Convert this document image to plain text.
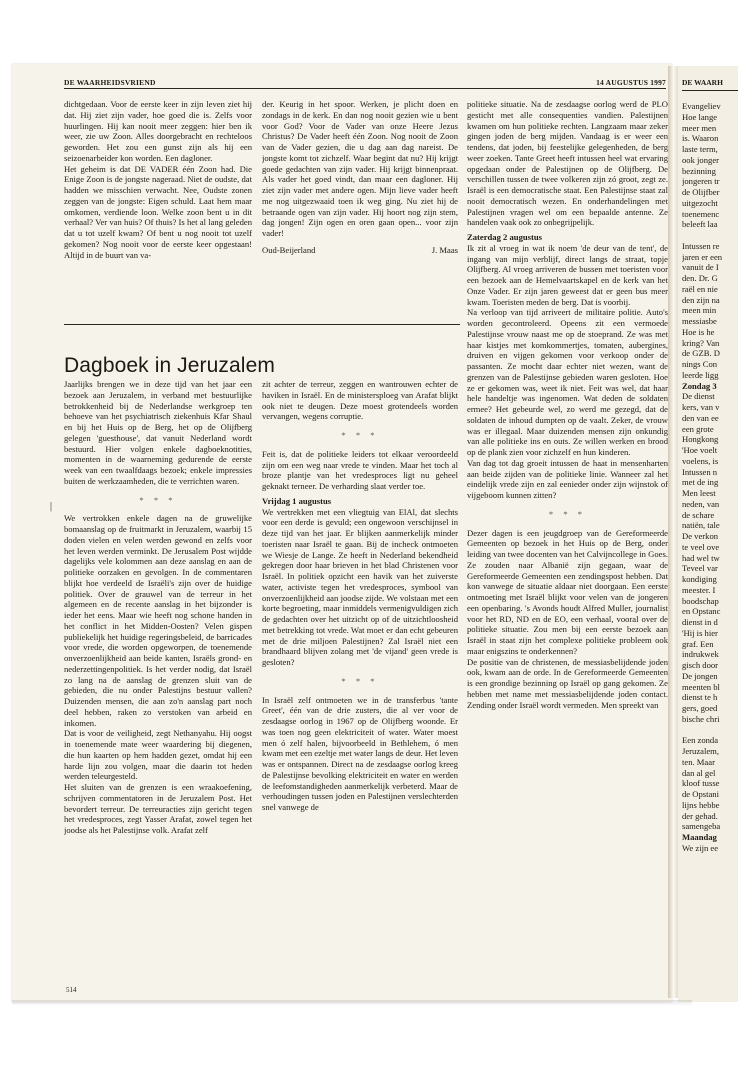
DE WAARHEIDSVRIEND	14 AUGUSTUS 1997

dichtgedaan. Voor de eerste keer in zijn leven ziet hij dat. Hij ziet zijn vader, hoe goed die is. Zelfs voor huurlingen. Hij kan nooit meer zeggen: hier ben ik weer, zie uw Zoon. Alles doorgebracht en rechteloos geworden. Het zou een gunst zijn als hij een seizoenarbeider kon worden. Een dagloner.

Het geheim is dat DE VADER één Zoon had. Die Enige Zoon is de jongste nageraad. Niet de oudste, dat hadden we misschien verwacht. Nee, Oudste zonen zeggen van de jongste: Eigen schuld. Laat hem maar omkomen, verdiende loon. Welke zoon bent u in dit verhaal? Ver van huis? Of thuis? Is het al lang geleden dat u tot uzelf kwam? Of bent u nog nooit tot uzelf gekomen? Nog nooit voor de eerste keer opgestaan! Altijd in de buurt van va-

der. Keurig in het spoor. Werken, je plicht doen en zondags in de kerk. En dan nog nooit gezien wie u bent voor God? Voor de Vader van onze Heere Jezus Christus? De Vader heeft één Zoon. Nog nooit de Zoon van de Vader gezien, die u dag aan dag nareist. De jongste komt tot zichzelf. Waar begint dat nu? Hij krijgt goede gedachten van zijn vader. Hij krijgt binnenpraat. Als vader het goed vindt, dan maar een dagloner. Hij ziet zijn vader met andere ogen. Mijn lieve vader heeft me nog uitgezwaaid toen ik weg ging. Nu ziet hij de betraande ogen van zijn vader. Hij hoort nog zijn stem, dag jongen! Zijn ogen en oren gaan open... voor zijn vader!

Oud-Beijerland	J. Maas
Dagboek in Jeruzalem

Jaarlijks brengen we in deze tijd van het jaar een bezoek aan Jeruzalem, in verband met bestuurlijke betrokkenheid bij de Nederlandse werkgroep ten behoeve van het psychiatrisch ziekenhuis Kfar Shaul en bij het Huis op de Berg, het op de Olijfberg gelegen 'guesthouse', dat vanuit Nederland wordt bestuurd. Hier volgen enkele dagboeknotities, momenten in de waarneming gedurende de eerste week van een twaalfdaags bezoek; enkele impressies buiten de werkzaamheden, die te verrichten waren.

* * *

We vertrokken enkele dagen na de gruwelijke bomaanslag op de fruitmarkt in Jeruzalem, waarbij 15 doden vielen en velen werden gewond en zelfs voor het leven werden verminkt. De Jerusalem Post wijdde dagelijks vele kolommen aan deze aanslag en aan de politieke oorzaken en gevolgen. In de commentaren blijkt hoe verdeeld de Israëli's zijn over de huidige politiek. Over de grauwel van de terreur in het algemeen en de recente aanslag in het bijzonder is ieder het eens. Maar wie heeft nog schone handen in het conflict in het Midden-Oosten? Velen gispen publiekelijk het huidige regeringsbeleid, de barricades voor vrede, die worden opgeworpen, de toenemende onverzoenlijkheid aan beide kanten, Israëls grond- en nederzettingenpolitiek. Is het verder nodig, dat Israël zo lang na de aanslag de grenzen sluit van de gebieden, die nu onder Palestijns bestuur vallen? Duizenden mensen, die aan zo'n aanslag part noch deel hebben, raken zo verstoken van arbeid en inkomen.

Dat is voor de veiligheid, zegt Nethanyahu. Hij oogst in toenemende mate weer waardering bij diegenen, die hun kaarten op hem hadden gezet, omdat hij een harde lijn zou volgen, maar die daarin tot heden werden teleurgesteld.

Het sluiten van de grenzen is een wraakoefening, schrijven commentatoren in de Jeruzalem Post. Het bevordert terreur. De terreuracties zijn gericht tegen het vredesproces, zegt Yasser Arafat, zowel tegen het joodse als het Palestijnse volk. Arafat zelf

zit achter de terreur, zeggen en wantrouwen echter de haviken in Israël. En de ministersploeg van Arafat blijkt ook niet te deugen. Deze moest grotendeels worden vervangen, wegens corruptie.

* * *

Feit is, dat de politieke leiders tot elkaar veroordeeld zijn om een weg naar vrede te vinden. Maar het toch al broze plantje van het vredesproces ligt nu geheel geknakt terneer. De verharding slaat verder toe.

Vrijdag 1 augustus

We vertrekken met een vliegtuig van ElAl, dat slechts voor een derde is gevuld; een ongewoon verschijnsel in deze tijd van het jaar. Er blijken aanmerkelijk minder toeristen naar Israël te gaan. Bij de incheck ontmoeten we Wiesje de Lange. Ze heeft in Nederland bekendheid gekregen door haar brieven in het blad Christenen voor Israël. In politiek opzicht een havik van het zuiverste water, activiste tegen het vredesproces, symbool van onverzoenlijkheid aan joodse zijde. We volstaan met een korte begroeting, maar inmiddels vermenigvuldigen zich de gedachten over het uitzicht op of de uitzichtloosheid met betrekking tot vrede. Wat moet er dan echt gebeuren met de drie miljoen Palestijnen? Zal Israël niet een brandhaard blijven zolang met 'de vijand' geen vrede is gesloten?

* * *

In Israël zelf ontmoeten we in de transferbus 'tante Greet', één van de drie zusters, die al ver voor de zesdaagse oorlog in 1967 op de Olijfberg woonde. Er was toen nog geen elektriciteit of water. Water moest men ó zelf halen, bijvoorbeeld in Bethlehem, ó men kwam met een ezeltje met water langs de deur. Het leven was er ontspannen. Direct na de zesdaagse oorlog kreeg de Palestijnse bevolking elektriciteit en water en werden de leefomstandigheden aanmerkelijk verbeterd. Maar de verhoudingen tussen joden en Palestijnen verslechterden snel vanwege de

politieke situatie. Na de zesdaagse oorlog werd de PLO gesticht met alle consequenties vandien. Palestijnen kwamen om hun politieke rechten. Langzaam maar zeker gingen joden de berg mijden. Vandaag is er weer een tendens, dat joden, bij feestelijke gelegenheden, de berg weer zoeken. Tante Greet heeft intussen heel wat ervaring opgedaan onder de Palestijnen op de Olijfberg. De verschillen tussen de twee volkeren zijn zó groot, zegt ze. Israël is een democratische staat. Een Palestijnse staat zal nooit democratisch wezen. En onderhandelingen met Palestijnen vragen wel om een bepaalde antenne. Ze handelen vaak ook zo onbegrijpelijk.

Zaterdag 2 augustus

Ik zit al vroeg in wat ik noem 'de deur van de tent', de ingang van mijn verblijf, direct langs de straat, topje Olijfberg. Al vroeg arriveren de bussen met toeristen voor een bezoek aan de Hemelvaartskapel en de kerk van het Onze Vader. Er zijn jaren geweest dat er geen bus meer kwam. Toeristen meden de berg. Dat is voorbij.

Na verloop van tijd arriveert de militaire politie. Auto's worden gecontroleerd. Opeens zit een vermoede Palestijnse vrouw naast me op de stoeprand. Ze was met haar kistjes met komkommertjes, tomaten, aubergines, druiven en vijgen gekomen voor verkoop onder de passanten. Ze mocht daar echter niet wezen, want de grenzen van de Palestijnse gebieden waren gesloten. Hoe ze er gekomen was, weet ik niet. Feit was wel, dat haar hele handeltje was ingenomen. Wat deden de soldaten ermee? Het gebeurde wel, zo werd me gezegd, dat de soldaten de inhoud dumpten op de vaalt. Zeker, de vrouw was er illegaal. Maar duizenden mensen zijn onkundig van alle politieke ins en outs. Ze willen werken en brood op de plank zien voor zichzelf en hun kinderen.

Van dag tot dag groeit intussen de haat in mensenharten aan beide zijden van de politieke linie. Wanneer zal het eindelijk vrede zijn en zal eenieder onder zijn wijnstok of vijgeboom kunnen zitten?

* * *

Dezer dagen is een jeugdgroep van de Gereformeerde Gemeenten op bezoek in het Huis op de Berg, onder leiding van twee docenten van het Calvijncollege in Goes. Ze zouden naar Albanië zijn gegaan, waar de Gereformeerde Gemeenten een zendingspost hebben. Dat kon vanwege de situatie aldaar niet doorgaan. Een eerste ontmoeting met Israël blijkt voor velen van de jongeren een openbaring. 's Avonds houdt Alfred Muller, journalist voor het RD, ND en de EO, een verhaal, vooral over de politieke situatie. Zou men bij een eerste bezoek aan Israël in staat zijn het complexe politieke probleem ook maar enigszins te onderkennen?

De positie van de christenen, de messiasbelijdende joden ook, kwam aan de orde. In de Gereformeerde Gemeenten is een grondige bezinning op Israël op gang gekomen. Ze hebben met name met messiasbelijdende joden contact. Zending onder Israël wordt vermeden. Men spreekt van

|
514
DE WAARH
Evangeliev
Hoe lange
meer men
is. Waaron
laste term,
ook jonger
bezinning
jongeren tr
de Olijfber
uitgezocht
toenemenc
beleeft laa

Intussen re
jaren er een
vanuit de I
den. Dr. G
raël en nie
den zijn na
meen min
messiasbe
Hoe is he
kring? Van
de GZB. D
nings Con
leerde ligg
Zondag 3
De dienst
kers, van v
den van ee
een grote
Hongkong
'Hoe voelt
voelens, is
Intussen n
met de ing
Men leest
neden, van
de schare
natiën, tale
De verkon
te veel ove
had wel tw
Teveel var
kondiging
meester. I
boodschap
en Opstanc
dienst in d
'Hij is hier
graf. Een
indrukwek
gisch door
De jongen
meenten bl
dienst te h
gers, goed
bische chri

Een zonda
Jeruzalem,
ten. Maar
dan al gel
kloof tusse
de Opstani
lijns hebbe
der gehad.
samengeba
Maandag
We zijn ee
